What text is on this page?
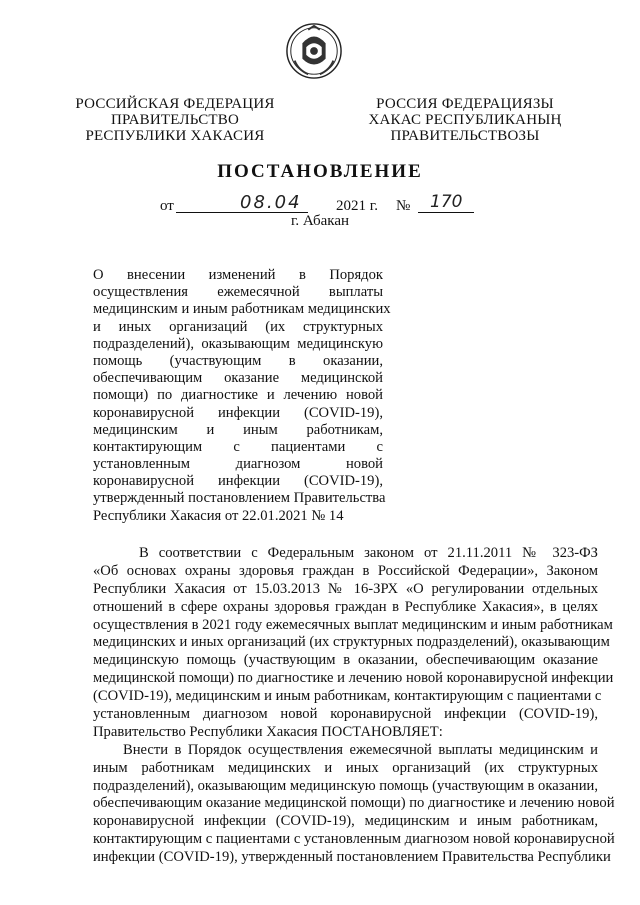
РОССИЙСКАЯ ФЕДЕРАЦИЯ
ПРАВИТЕЛЬСТВО
РЕСПУБЛИКИ ХАКАСИЯ
РОССИЯ ФЕДЕРАЦИЯЗЫ
ХАКАС РЕСПУБЛИКАНЫҢ
ПРАВИТЕЛЬСТВОЗЫ
ПОСТАНОВЛЕНИЕ
от	08.04 2021 г. № 170
г. Абакан
О внесении изменений в Порядок
осуществления ежемесячной выплаты
медицинским и иным работникам медицинских
и иных организаций (их структурных
подразделений), оказывающим медицинскую
помощь (участвующим в оказании,
обеспечивающим оказание медицинской
помощи) по диагностике и лечению новой
коронавирусной инфекции (COVID-19),
медицинским и иным работникам,
контактирующим с пациентами с
установленным диагнозом новой
коронавирусной инфекции (COVID-19),
утвержденный постановлением Правительства
Республики Хакасия от 22.01.2021 № 14
В соответствии с Федеральным законом от 21.11.2011 № 323-ФЗ
«Об основах охраны здоровья граждан в Российской Федерации», Законом
Республики Хакасия от 15.03.2013 № 16-ЗРХ «О регулировании отдельных
отношений в сфере охраны здоровья граждан в Республике Хакасия», в целях
осуществления в 2021 году ежемесячных выплат медицинским и иным работникам
медицинских и иных организаций (их структурных подразделений), оказывающим
медицинскую помощь (участвующим в оказании, обеспечивающим оказание
медицинской помощи) по диагностике и лечению новой коронавирусной инфекции
(COVID-19), медицинским и иным работникам, контактирующим с пациентами с
установленным диагнозом новой коронавирусной инфекции (COVID-19),
Правительство Республики Хакасия ПОСТАНОВЛЯЕТ:
Внести в Порядок осуществления ежемесячной выплаты медицинским и
иным работникам медицинских и иных организаций (их структурных
подразделений), оказывающим медицинскую помощь (участвующим в оказании,
обеспечивающим оказание медицинской помощи) по диагностике и лечению новой
коронавирусной инфекции (COVID-19), медицинским и иным работникам,
контактирующим с пациентами с установленным диагнозом новой коронавирусной
инфекции (COVID-19), утвержденный постановлением Правительства Республики
